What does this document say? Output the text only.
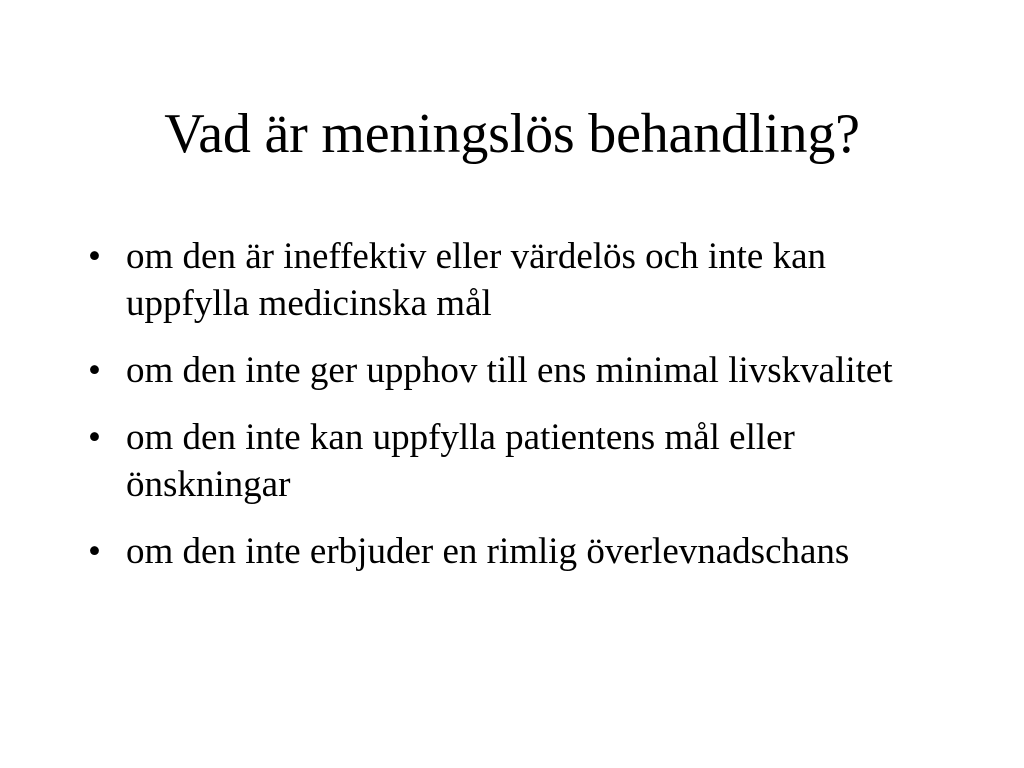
Vad är meningslös behandling?
• om den är ineffektiv eller värdelös och inte kan uppfylla medicinska mål
• om den inte ger upphov till ens minimal livskvalitet
• om den inte kan uppfylla patientens mål eller önskningar
• om den inte erbjuder en rimlig överlevnadschans
